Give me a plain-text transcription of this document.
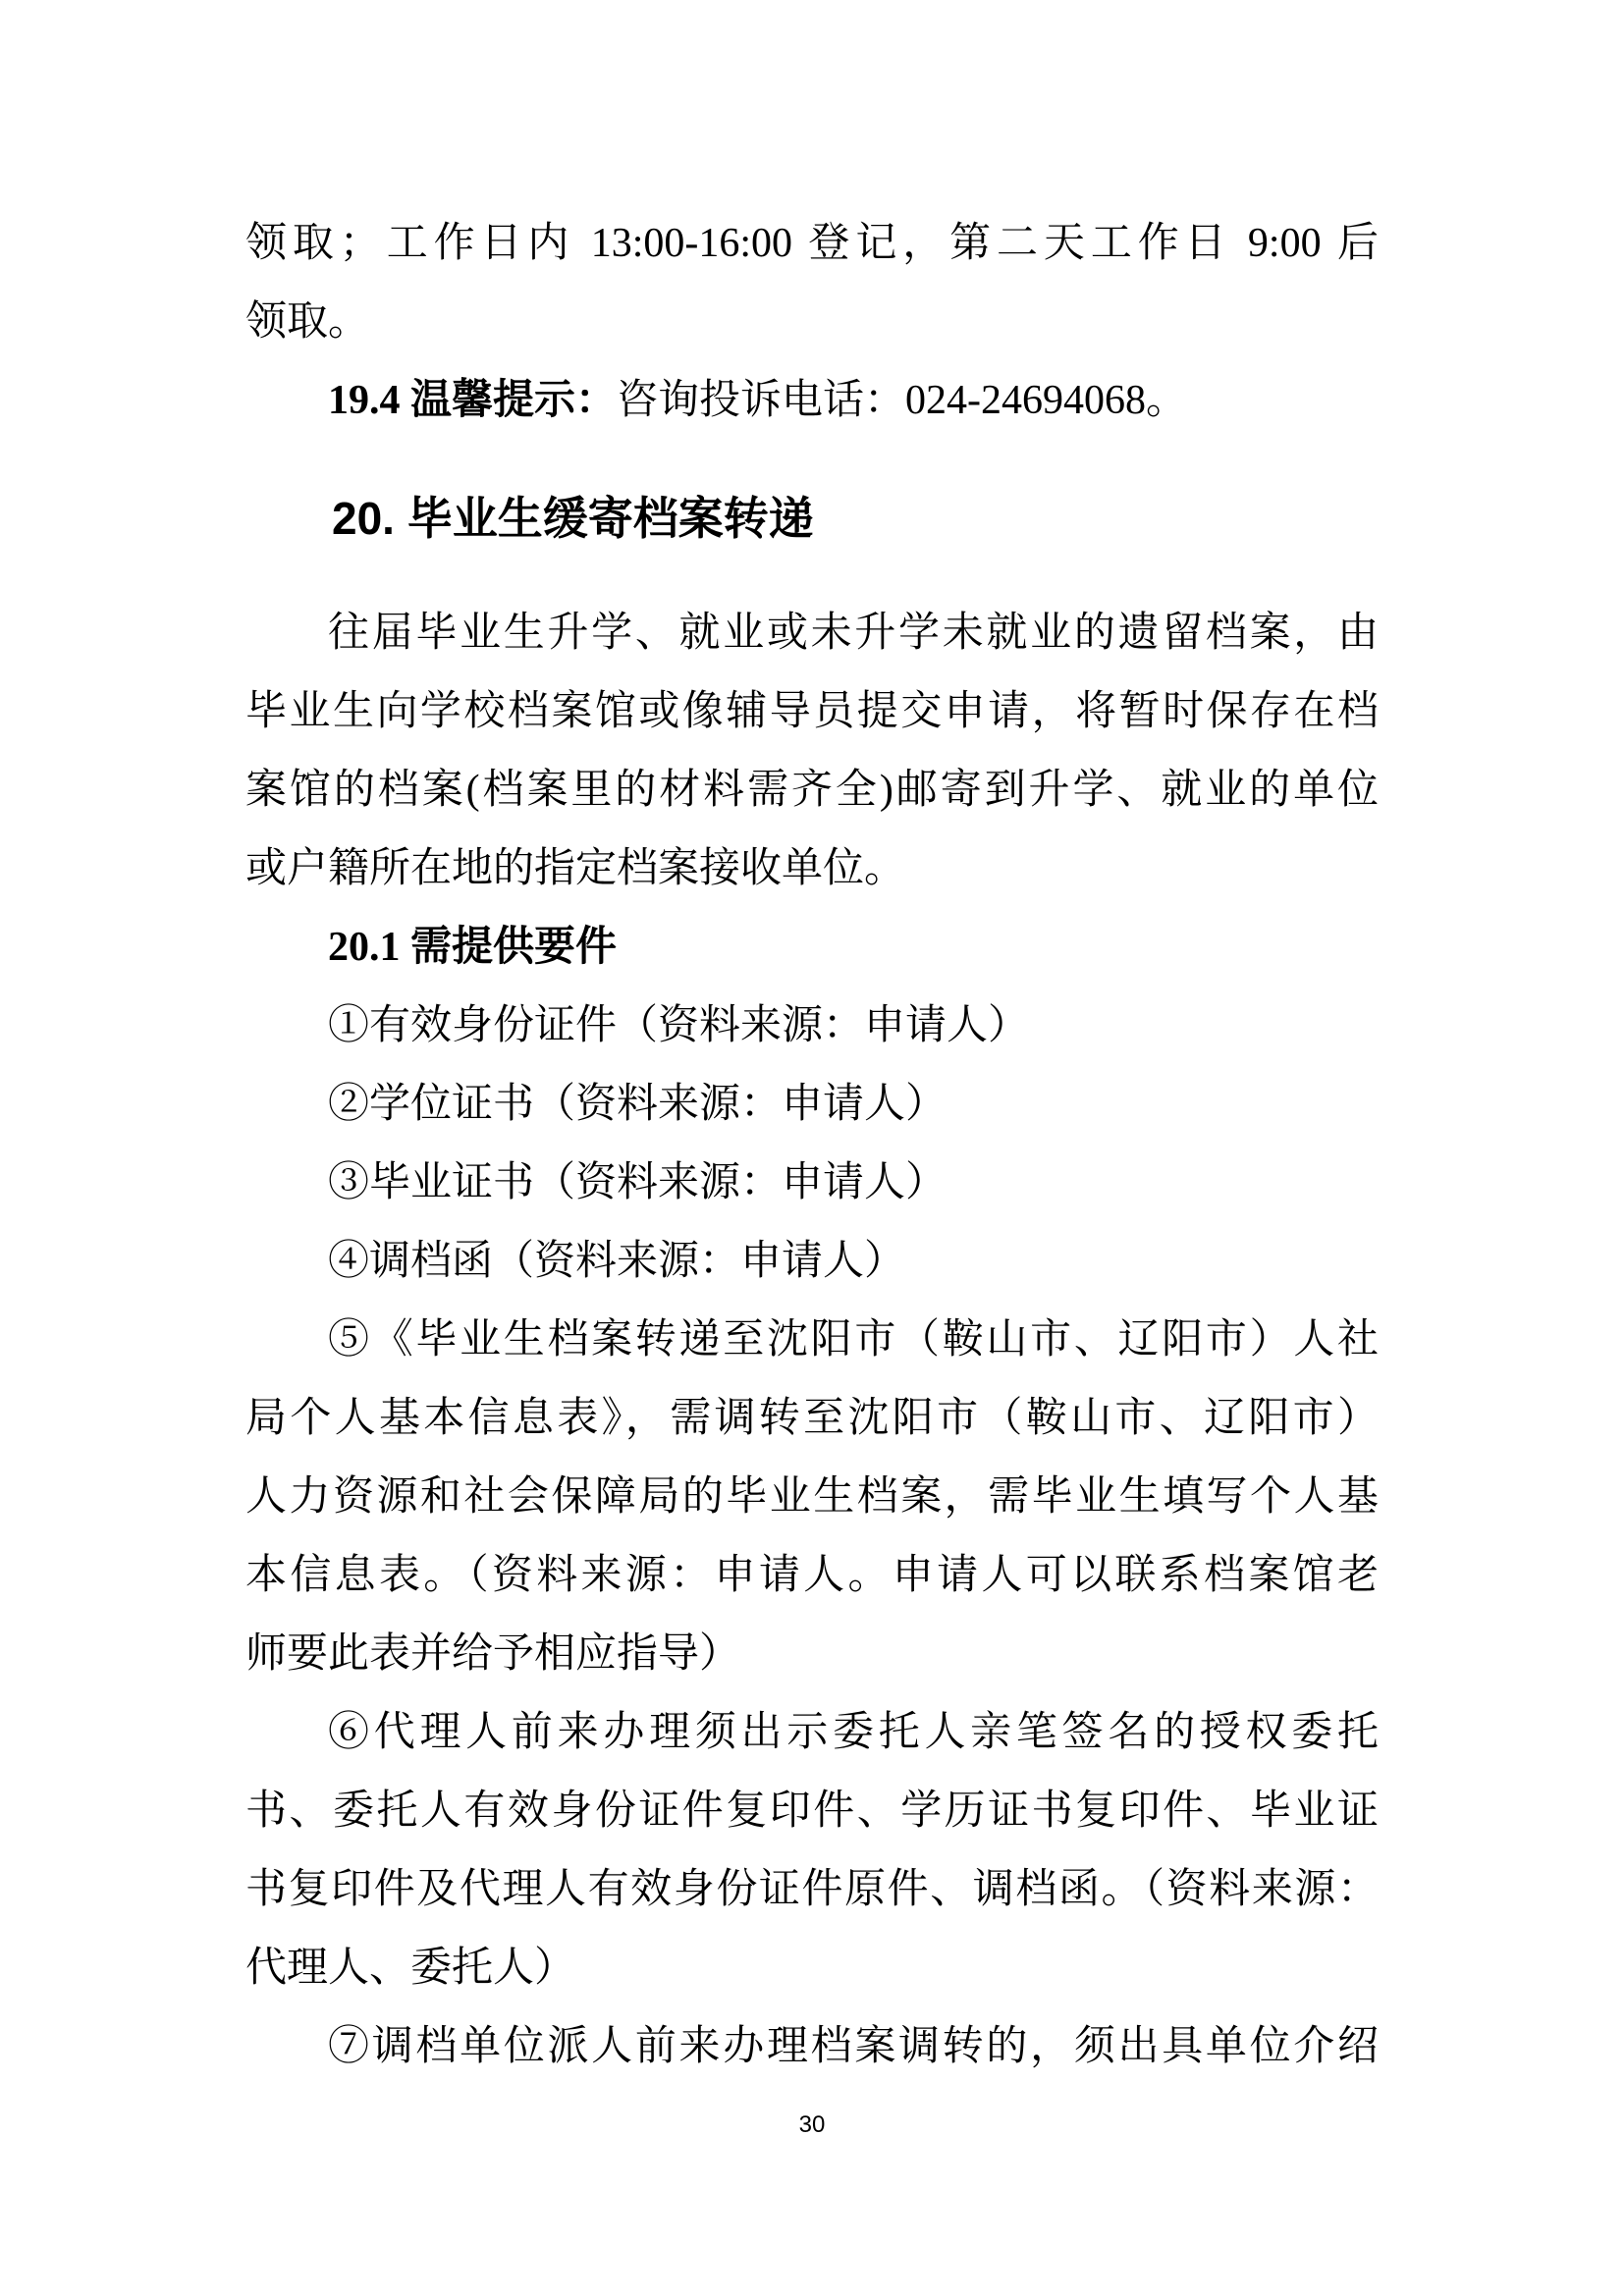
领取；工作日内 13:00-16:00 登记，第二天工作日 9:00 后
领取。
19.4 温馨提示：咨询投诉电话：024-24694068。
20. 毕业生缓寄档案转递
往届毕业生升学、就业或未升学未就业的遗留档案，由
毕业生向学校档案馆或像辅导员提交申请，将暂时保存在档
案馆的档案(档案里的材料需齐全)邮寄到升学、就业的单位
或户籍所在地的指定档案接收单位。
20.1 需提供要件
①有效身份证件（资料来源：申请人）
②学位证书（资料来源：申请人）
③毕业证书（资料来源：申请人）
④调档函（资料来源：申请人）
⑤《毕业生档案转递至沈阳市（鞍山市、辽阳市）人社
局个人基本信息表》，需调转至沈阳市（鞍山市、辽阳市）
人力资源和社会保障局的毕业生档案，需毕业生填写个人基
本信息表。（资料来源：申请人。申请人可以联系档案馆老
师要此表并给予相应指导）
⑥代理人前来办理须出示委托人亲笔签名的授权委托
书、委托人有效身份证件复印件、学历证书复印件、毕业证
书复印件及代理人有效身份证件原件、调档函。（资料来源：
代理人、委托人）
⑦调档单位派人前来办理档案调转的，须出具单位介绍
30
